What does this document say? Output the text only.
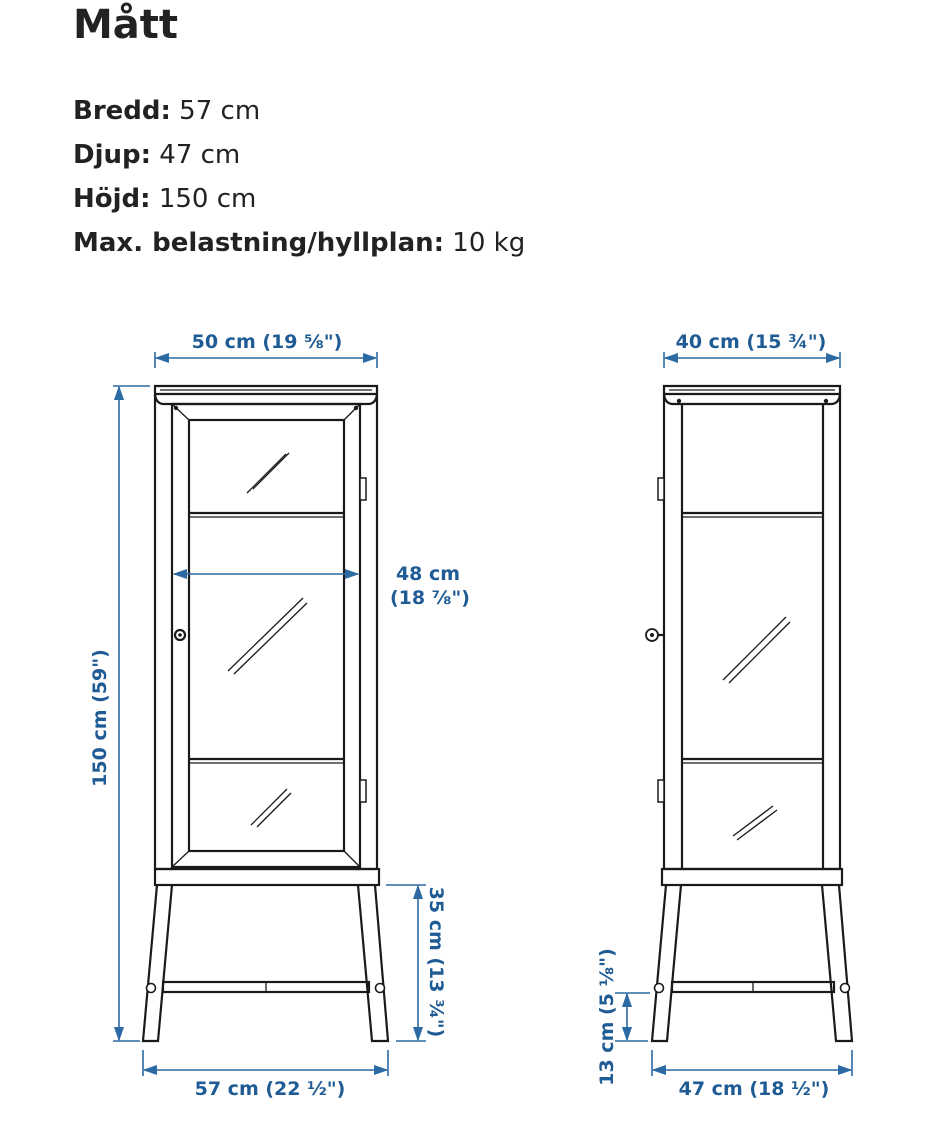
Mått
Bredd: 57 cm
Djup: 47 cm
Höjd: 150 cm
Max. belastning/hyllplan: 10 kg
50 cm (19 ⅝")
48 cm
(18 ⅞")
150 cm (59")
35 cm (13 ¾")
57 cm (22 ½")
40 cm (15 ¾")
13 cm (5 ⅛")
47 cm (18 ½")
